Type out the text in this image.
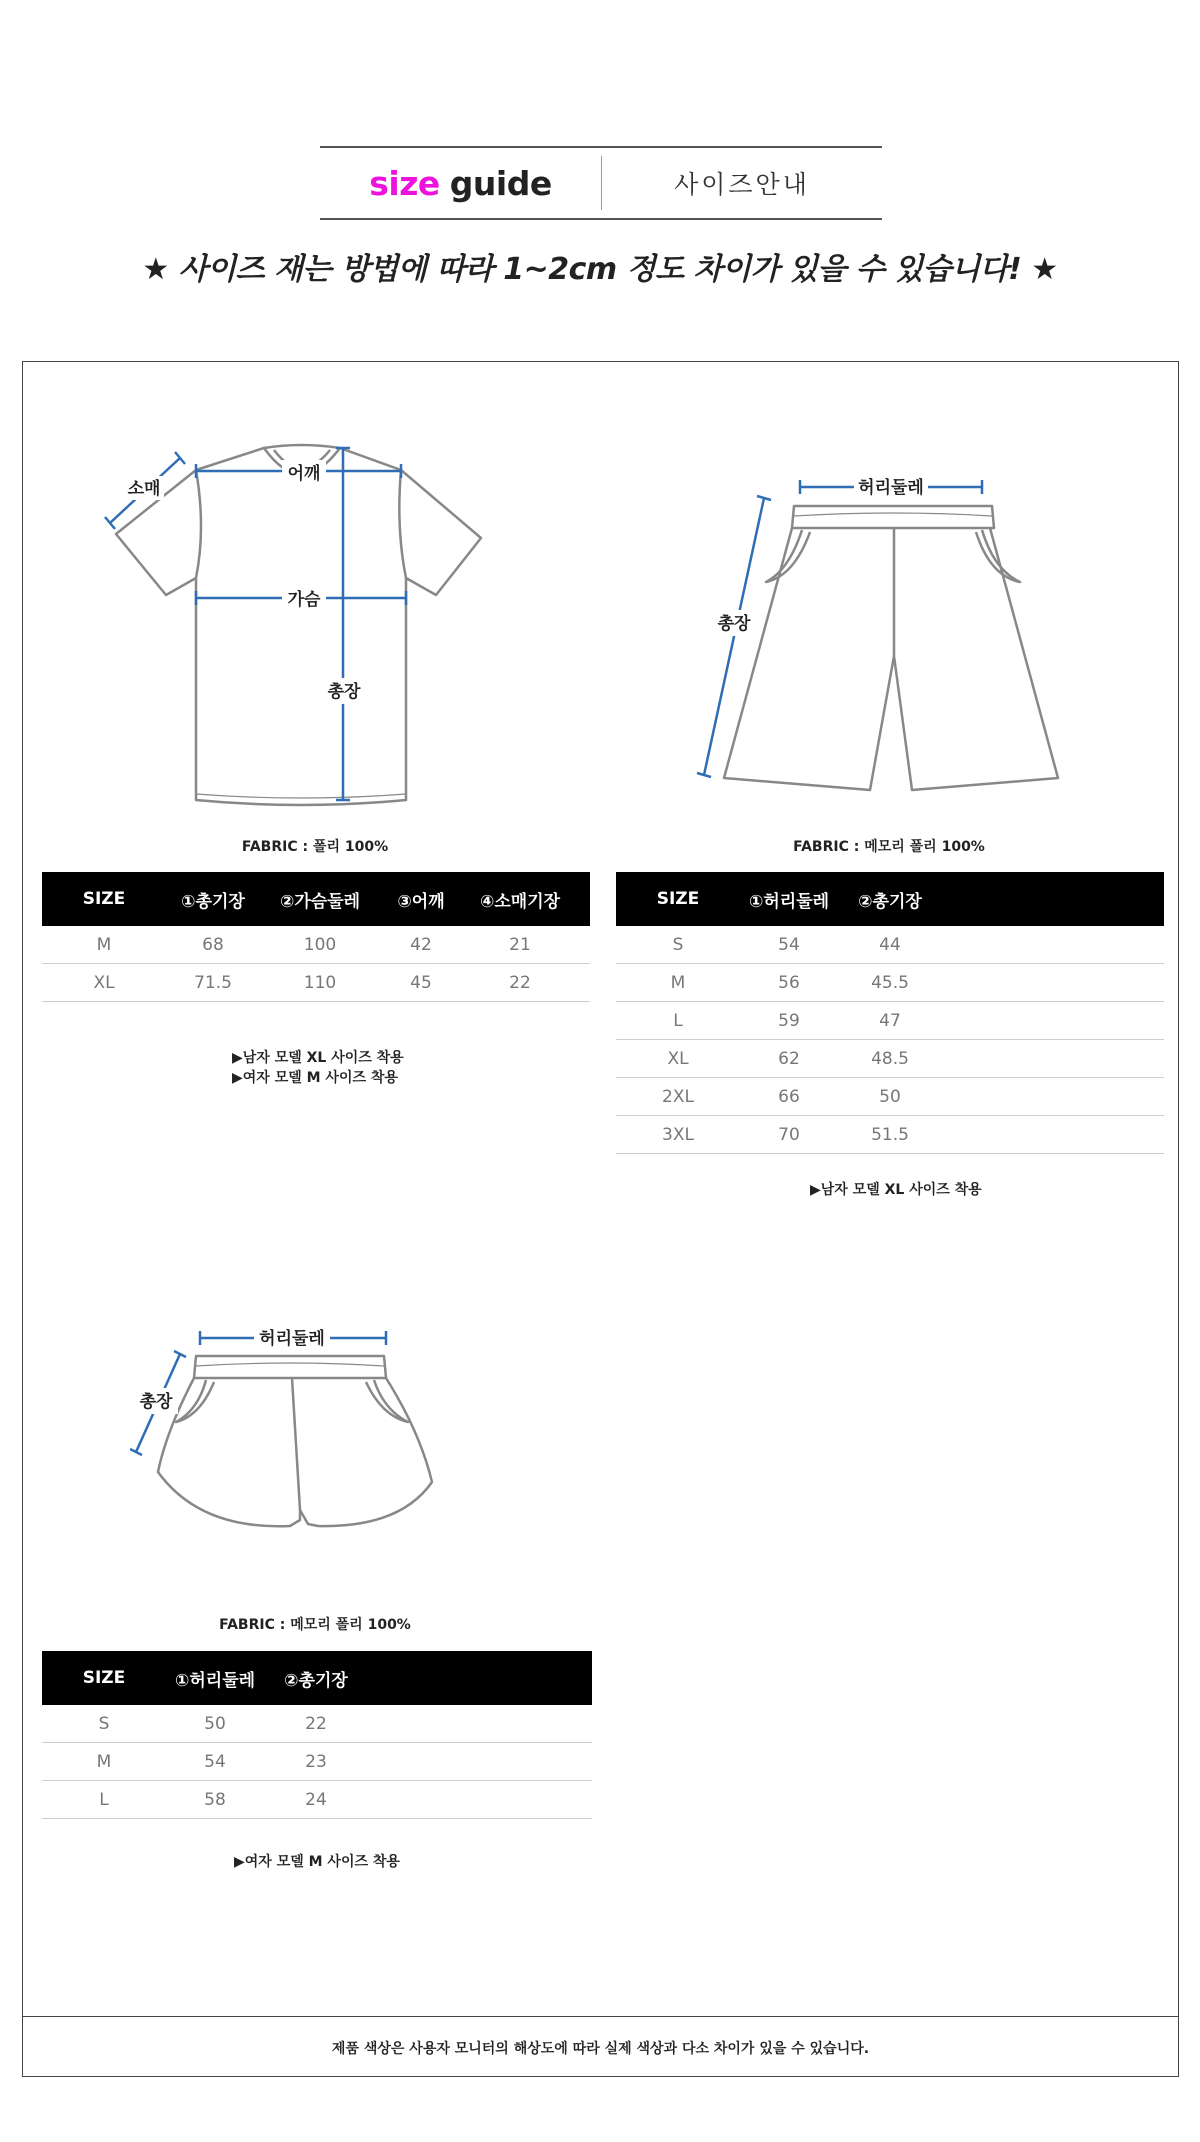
size guide	사이즈안내
★ 사이즈 재는 방법에 따라 1~2cm 정도 차이가 있을 수 있습니다! ★
어깨
가슴
총장
소매
FABRIC : 폴리 100%
SIZE	①총기장	②가슴둘레	③어깨	④소매기장
M	68	100	42	21
XL	71.5	110	45	22
▶남자 모델 XL 사이즈 착용
▶여자 모델 M 사이즈 착용
허리둘레
총장
FABRIC : 메모리 폴리 100%
SIZE	①허리둘레	②총기장
S	54	44
M	56	45.5
L	59	47
XL	62	48.5
2XL	66	50
3XL	70	51.5
▶남자 모델 XL 사이즈 착용
허리둘레
총장
FABRIC : 메모리 폴리 100%
SIZE	①허리둘레	②총기장
S	50	22
M	54	23
L	58	24
▶여자 모델 M 사이즈 착용
제품 색상은 사용자 모니터의 해상도에 따라 실제 색상과 다소 차이가 있을 수 있습니다.
